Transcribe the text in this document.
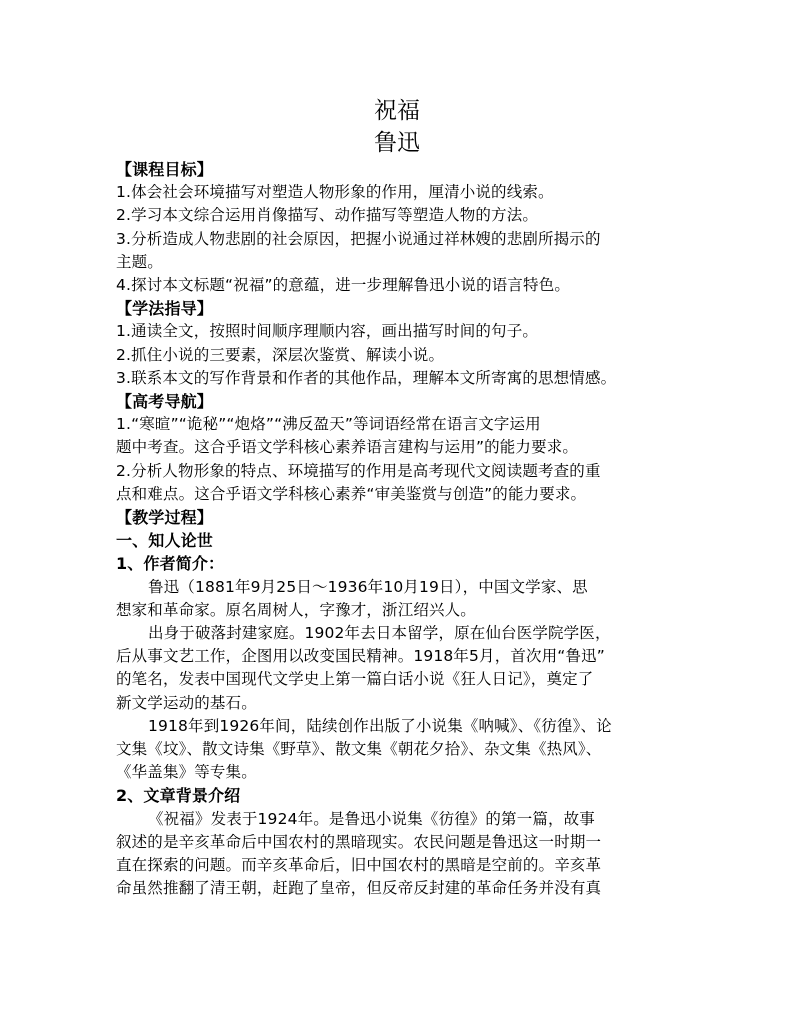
祝福
鲁迅
【课程目标】
1.体会社会环境描写对塑造人物形象的作用，厘清小说的线索。
2.学习本文综合运用肖像描写、动作描写等塑造人物的方法。
3.分析造成人物悲剧的社会原因，把握小说通过祥林嫂的悲剧所揭示的
主题。
4.探讨本文标题“祝福”的意蕴，进一步理解鲁迅小说的语言特色。
【学法指导】
1.通读全文，按照时间顺序理顺内容，画出描写时间的句子。
2.抓住小说的三要素，深层次鉴赏、解读小说。
3.联系本文的写作背景和作者的其他作品，理解本文所寄寓的思想情感。
【高考导航】
1.“寒暄”“诡秘”“炮烙”“沸反盈天”等词语经常在语言文字运用
题中考查。这合乎语文学科核心素养语言建构与运用”的能力要求。
2.分析人物形象的特点、环境描写的作用是高考现代文阅读题考查的重
点和难点。这合乎语文学科核心素养“审美鉴赏与创造”的能力要求。
【教学过程】
一、知人论世
1、作者简介：
鲁迅（1881年9月25日～1936年10月19日），中国文学家、思
想家和革命家。原名周树人，字豫才，浙江绍兴人。
出身于破落封建家庭。1902年去日本留学，原在仙台医学院学医，
后从事文艺工作，企图用以改变国民精神。1918年5月，首次用“鲁迅”
的笔名，发表中国现代文学史上第一篇白话小说《狂人日记》，奠定了
新文学运动的基石。
1918年到1926年间，陆续创作出版了小说集《呐喊》、《彷徨》、论
文集《坟》、散文诗集《野草》、散文集《朝花夕拾》、杂文集《热风》、
《华盖集》等专集。
2、文章背景介绍
《祝福》发表于1924年。是鲁迅小说集《彷徨》的第一篇，故事
叙述的是辛亥革命后中国农村的黑暗现实。农民问题是鲁迅这一时期一
直在探索的问题。而辛亥革命后，旧中国农村的黑暗是空前的。辛亥革
命虽然推翻了清王朝，赶跑了皇帝，但反帝反封建的革命任务并没有真
